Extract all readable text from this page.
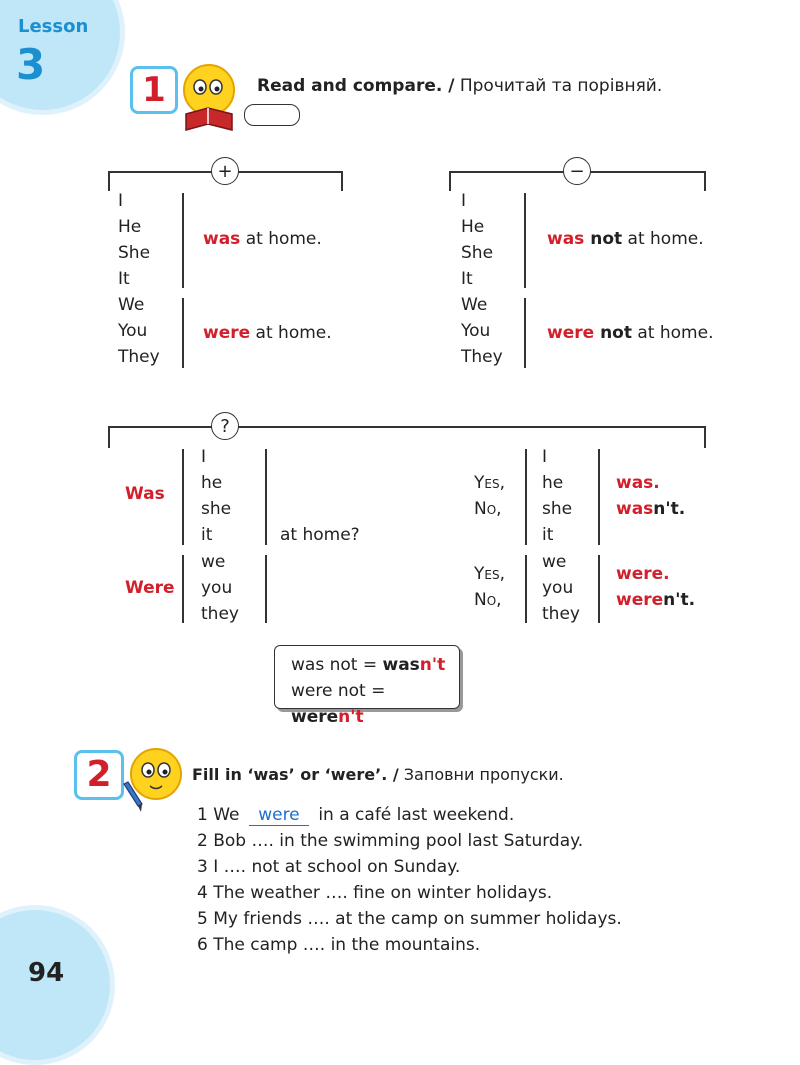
Lesson
3
94
1	Read and compare. / Прочитай та порівняй.
+
I
He
She
It
We
You
They
was at home.
were at home.
−
I
He
She
It
We
You
They
was not at home.
were not at home.
?
Was
Were
I
he
she
it
we
you
they
at home?
Yes,
No,
Yes,
No,
I
he
she
it
we
you
they
was.
wasn't.
were.
weren't.
was not = wasn't
were not = weren't
2	Fill in ‘was’ or ‘were’. / Заповни пропуски.
1 We were in a café last weekend.
2 Bob …. in the swimming pool last Saturday.
3 I …. not at school on Sunday.
4 The weather …. fine on winter holidays.
5 My friends …. at the camp on summer holidays.
6 The camp …. in the mountains.
